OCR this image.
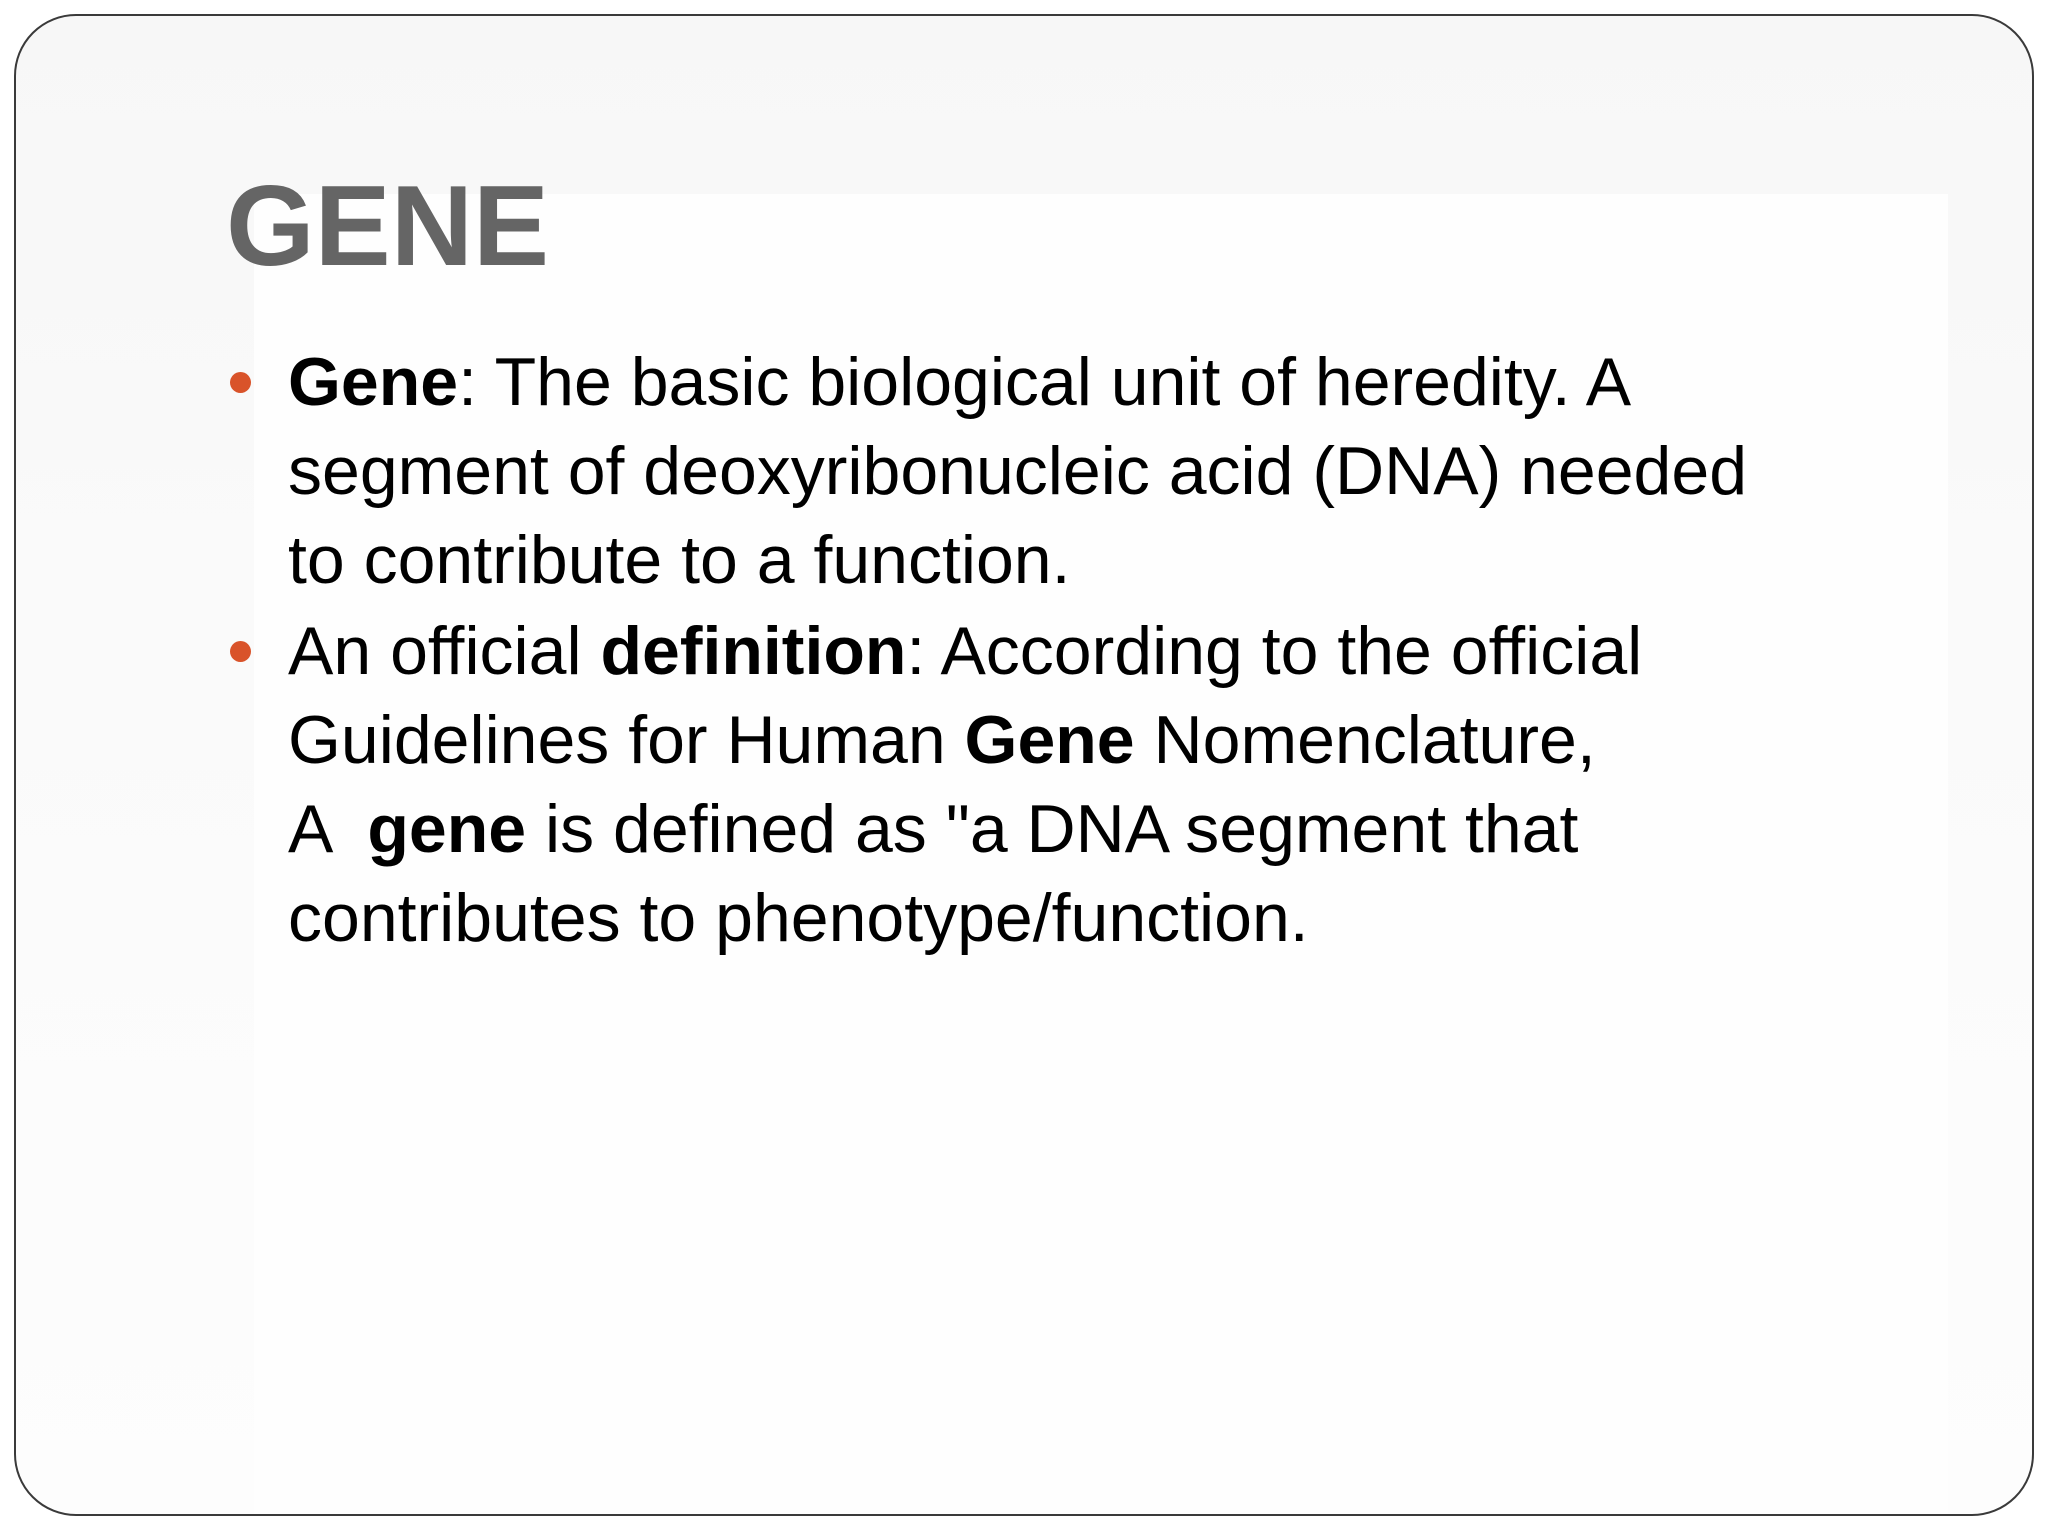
GENE
Gene: The basic biological unit of heredity. A
segment of deoxyribonucleic acid (DNA) needed
to contribute to a function.
An official definition: According to the official
Guidelines for Human Gene Nomenclature,
A  gene is defined as "a DNA segment that
contributes to phenotype/function.
